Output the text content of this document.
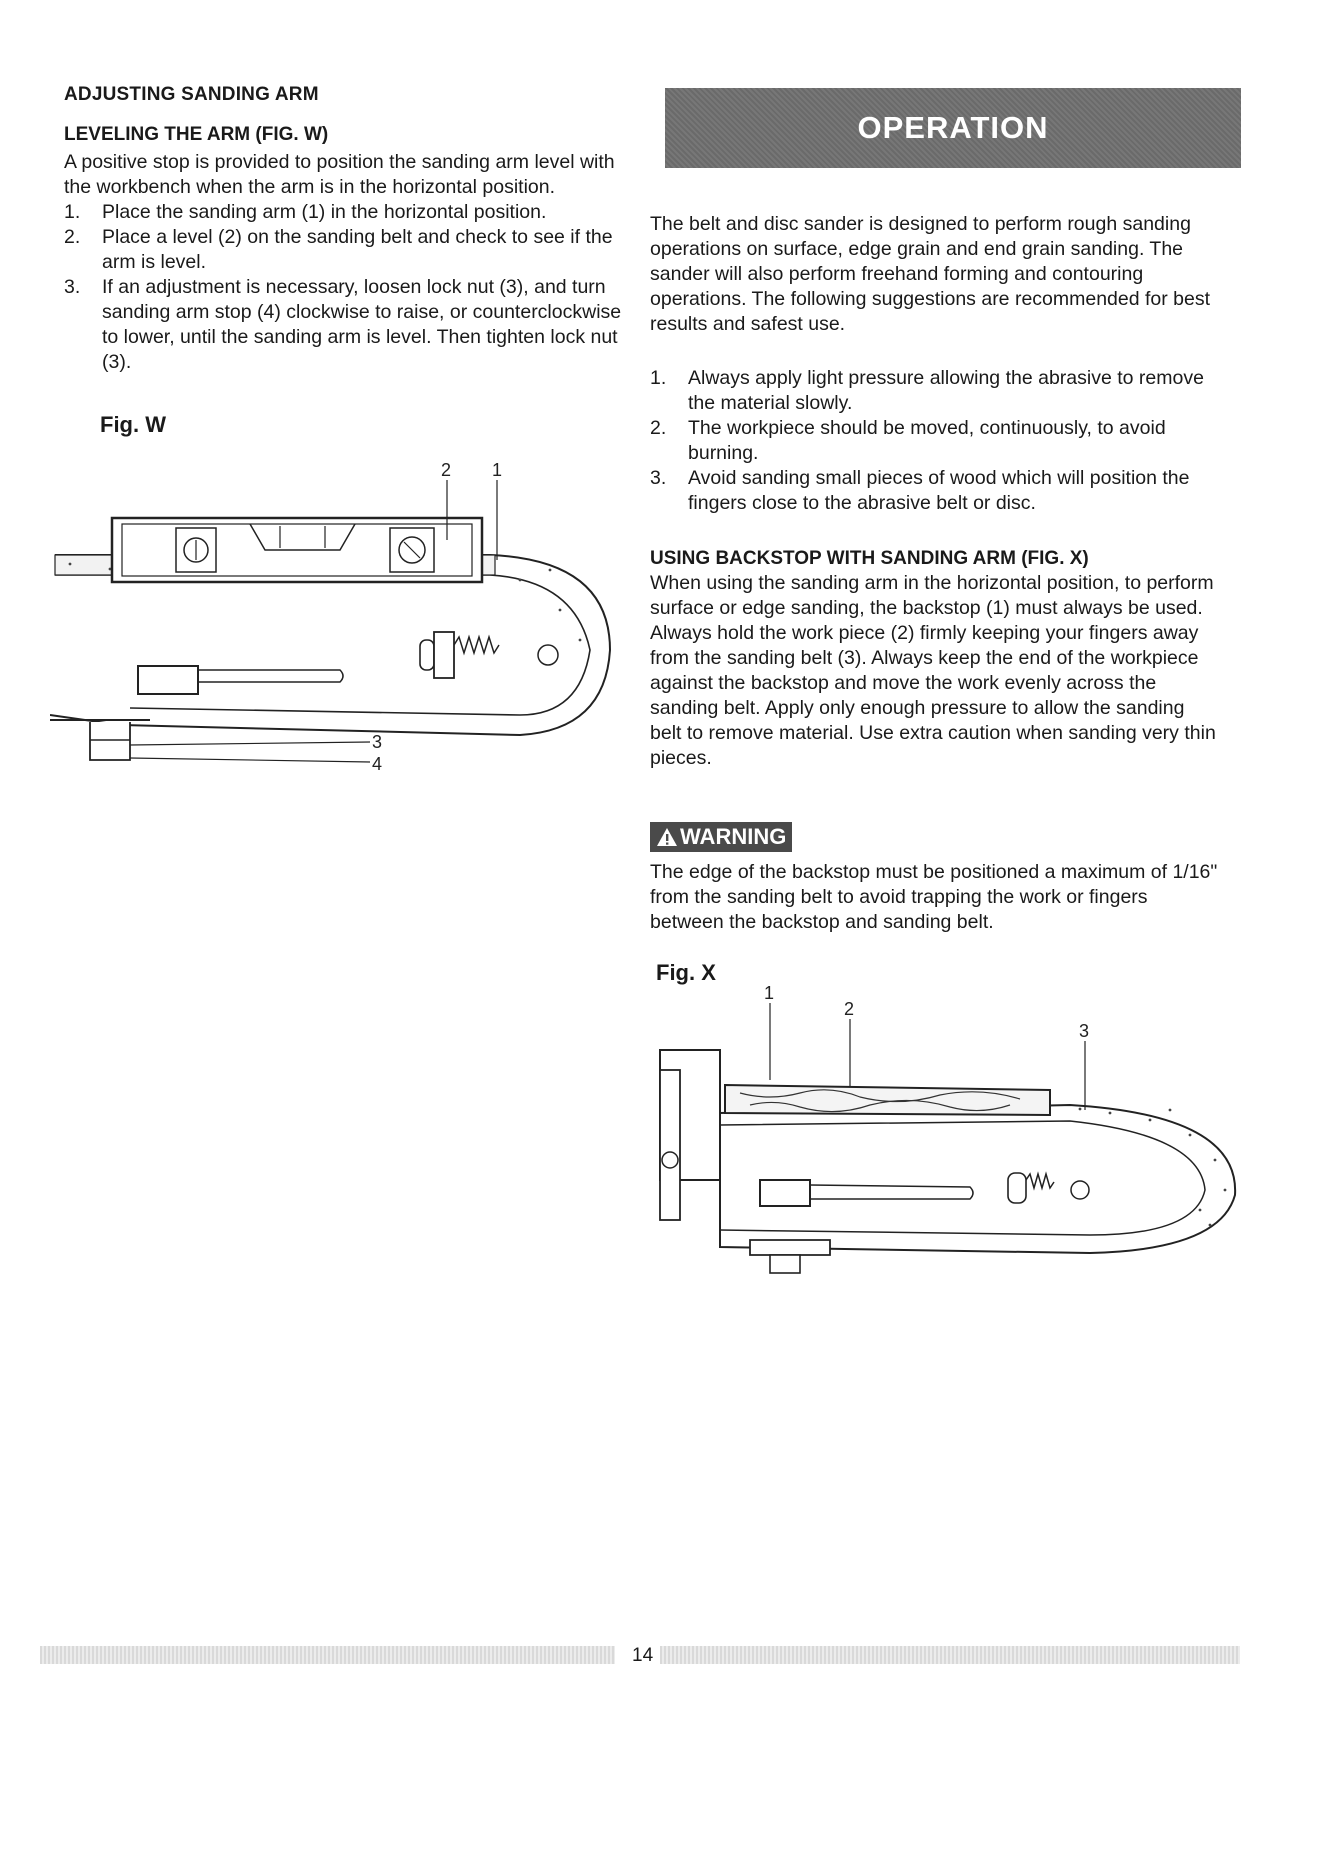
ADJUSTING SANDING ARM
LEVELING THE ARM (FIG. W)

A positive stop is provided to position the sanding arm level with the workbench when the arm is in the horizontal position.

1. Place the sanding arm (1) in the horizontal position.
2. Place a level (2) on the sanding belt and check to see if the arm is level.
3. If an adjustment is necessary, loosen lock nut (3), and turn sanding arm stop (4) clockwise to raise, or counterclockwise to lower, until the sanding arm is level. Then tighten lock nut (3).
Fig. W
2 1
3
4
OPERATION

The belt and disc sander is designed to perform rough sanding operations on surface, edge grain and end grain sanding. The sander will also perform freehand forming and contouring operations. The following suggestions are recommended for best results and safest use.

1. Always apply light pressure allowing the abrasive to remove the material slowly.
2. The workpiece should be moved, continuously, to avoid burning.
3. Avoid sanding small pieces of wood which will position the fingers close to the abrasive belt or disc.
USING BACKSTOP WITH SANDING ARM (FIG. X)

When using the sanding arm in the horizontal position, to perform surface or edge sanding, the backstop (1) must always be used. Always hold the work piece (2) firmly keeping your fingers away from the sanding belt (3). Always keep the end of the workpiece against the backstop and move the work evenly across the sanding belt. Apply only enough pressure to allow the sanding belt to remove material. Use extra caution when sanding very thin pieces.

WARNING

The edge of the backstop must be positioned a maximum of 1/16" from the sanding belt to avoid trapping the work or fingers between the backstop and sanding belt.

Fig. X
1
2
3
14
